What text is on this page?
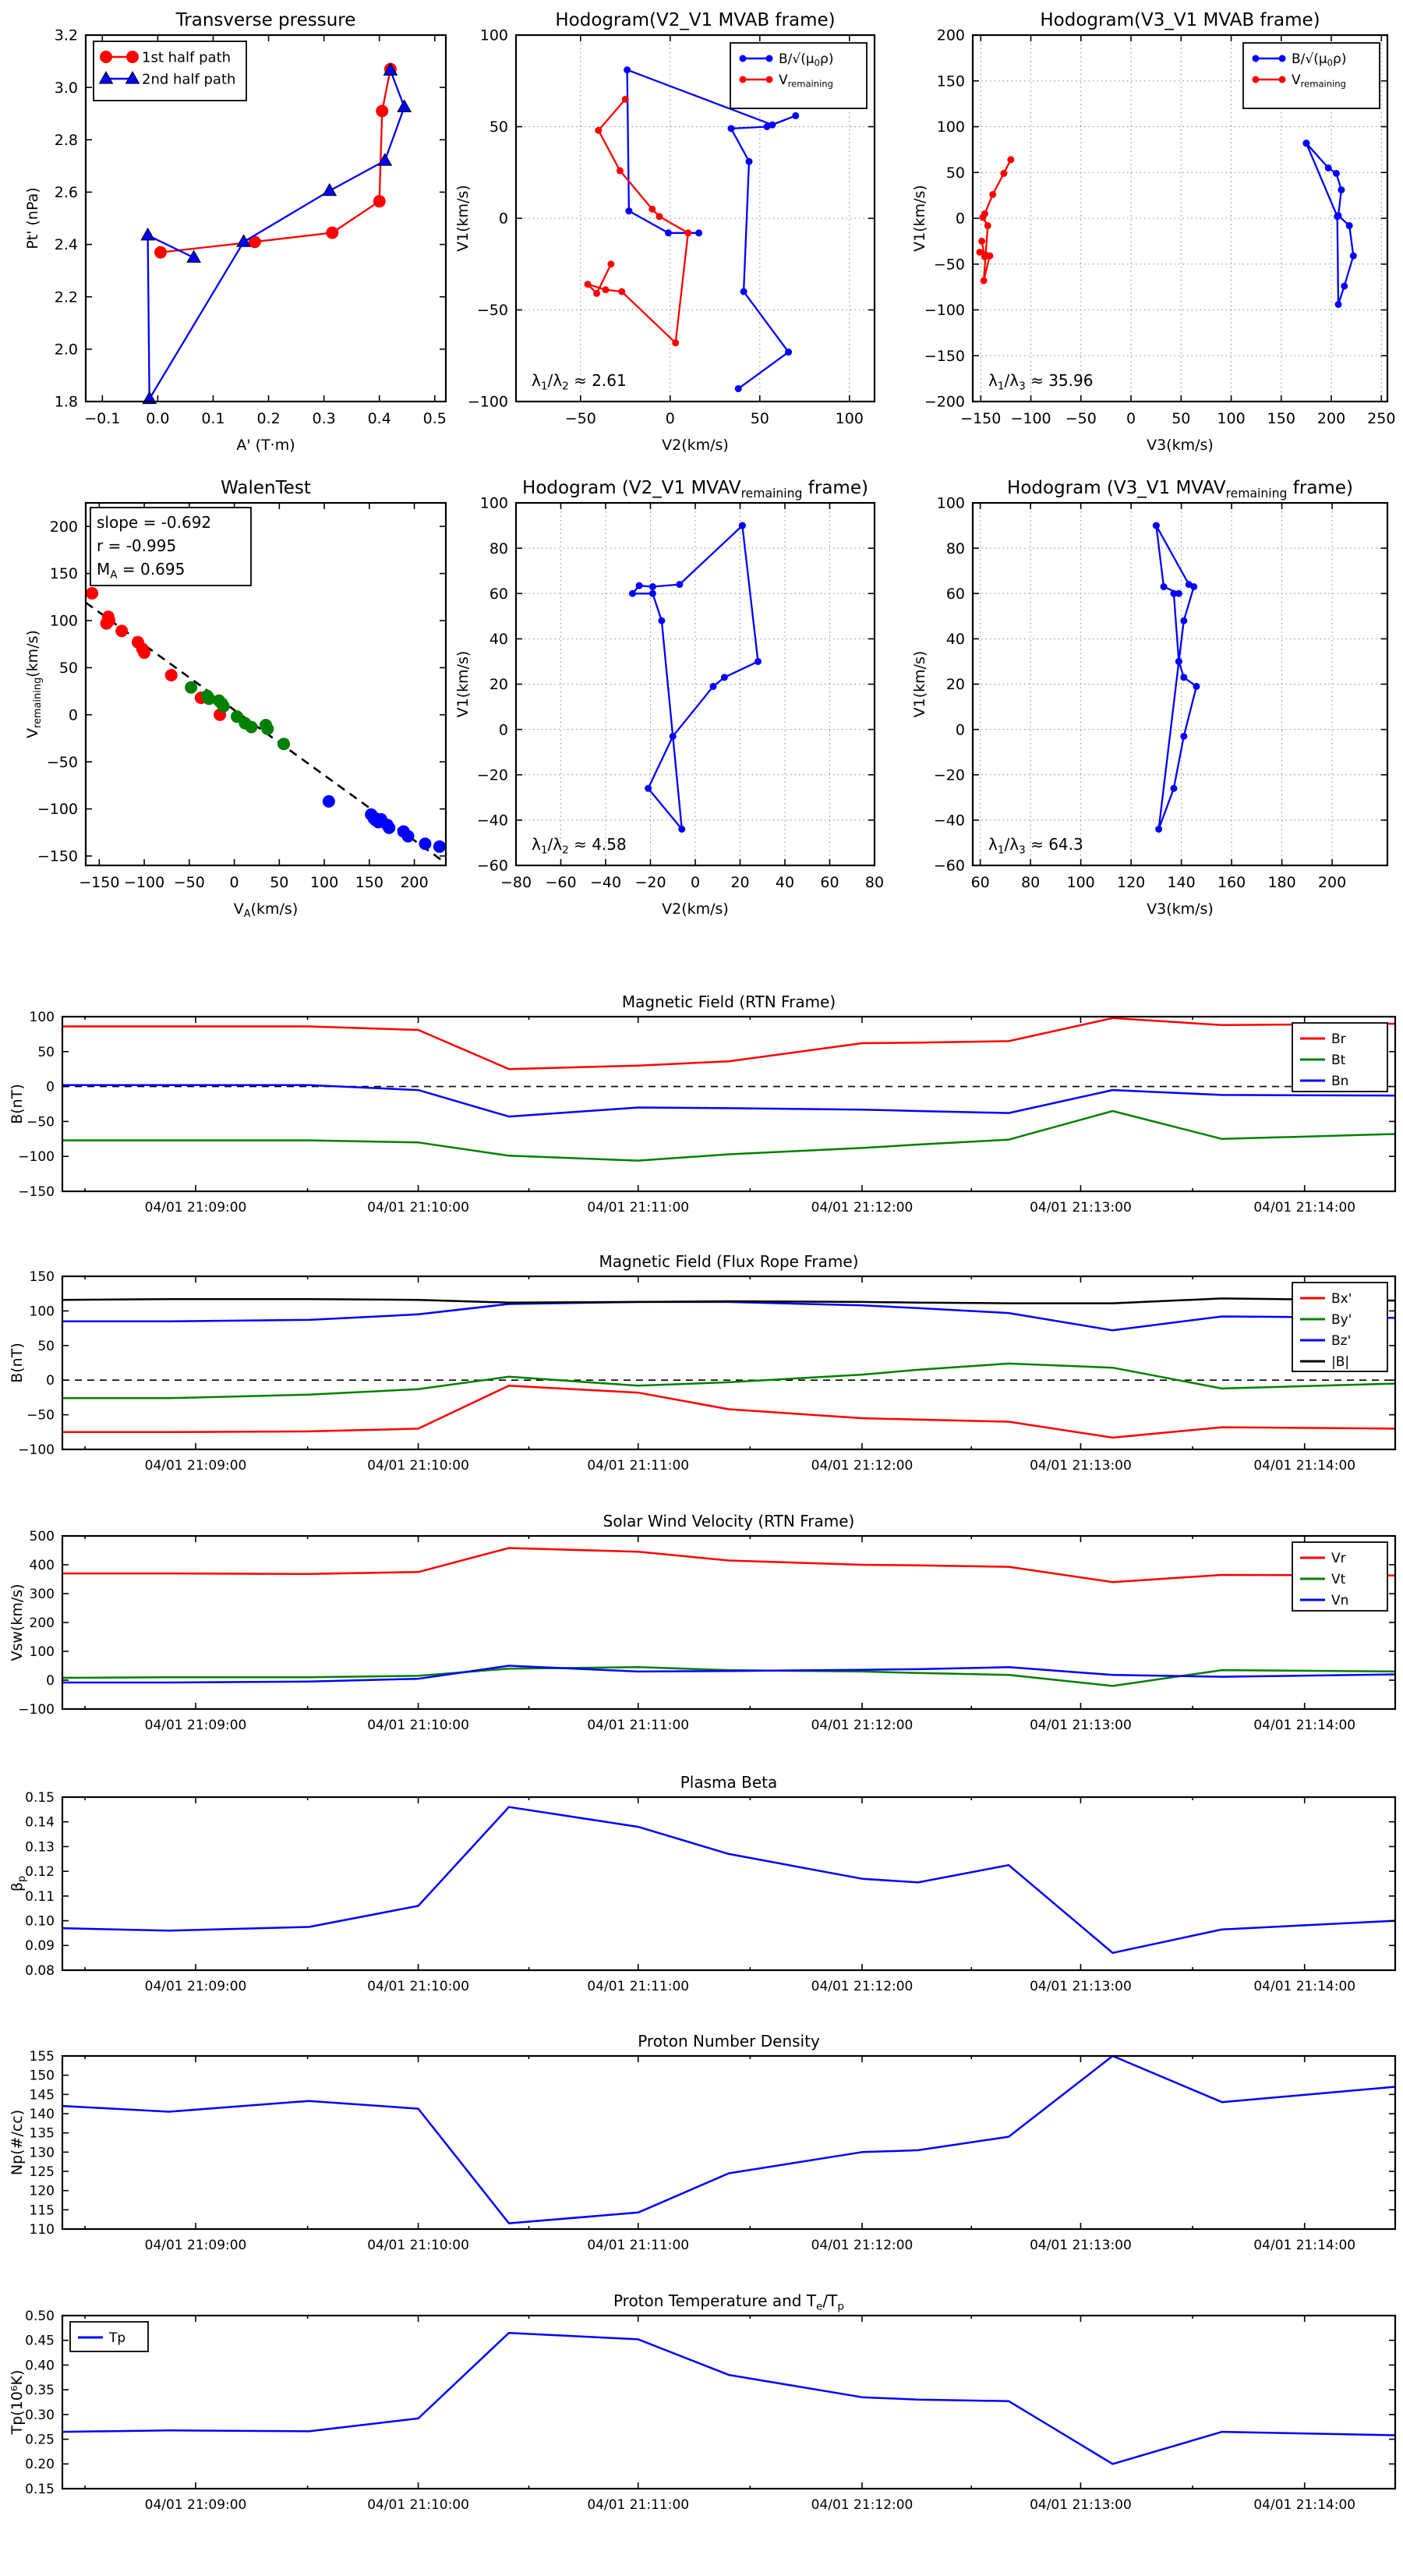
−0.1 0.0 0.1 0.2 0.3 0.4 0.5
1.8
2.0
2.2
2.4
2.6
2.8
3.0
3.2
Transverse pressure
A' (T·m)
Pt' (nPa)
1st half path
2nd half path
−50	0	50	100
−100
−50
0
50
100
Hodogram(V2_V1 MVAB frame)
V2(km/s)
V1(km/s)
$\lambda_1/\lambda_2 \approx 2.61$
$B/√(\mu_0\rho)$
$V_{remaining}$
−150 −100 −50 0 50 100 150 200 250
−200
−150
−100
−50
0
50
100
150
200
Hodogram(V3_V1 MVAB frame)
V3(km/s)
V1(km/s)
$\lambda_1/\lambda_3 \approx 35.96$
$B/√(\mu_0\rho)$
$V_{remaining}$
−150 −100 −50 0 50 100 150 200
−150
−100
−50
0
50
100
150
200
WalenTest
$V_A(km/s)$
$V_{remaining}(km/s)$
slope = -0.692
r = -0.995
$M_A = 0.695$
−80 −60 −40 −20 0 20 40 60 80
−60
−40
−20
0
20
40
60
80
100
Hodogram (V2_V1 $MVAV_{remaining}$ frame)
V2(km/s)
V1(km/s)
$\lambda_1/\lambda_2 \approx 4.58$
60 80 100 120 140 160 180 200
−60
−40
−20
0
20
40
60
80
100
Hodogram (V3_V1 $MVAV_{remaining}$ frame)
V3(km/s)
V1(km/s)
$\lambda_1/\lambda_3 \approx 64.3$
04/01 21:09:00	04/01 21:10:00	04/01 21:11:00	04/01 21:12:00	04/01 21:13:00	04/01 21:14:00
100
50
0
−50
−100
−150
Magnetic Field (RTN Frame)
B(nT)
Br
Bt
Bn
04/01 21:09:00	04/01 21:10:00	04/01 21:11:00	04/01 21:12:00	04/01 21:13:00	04/01 21:14:00
150
100
50
0
−50
−100
Magnetic Field (Flux Rope Frame)
B(nT)
Bx'
By'
Bz'
|B|
04/01 21:09:00	04/01 21:10:00	04/01 21:11:00	04/01 21:12:00	04/01 21:13:00	04/01 21:14:00
500
400
300
200
100
0
−100
Solar Wind Velocity (RTN Frame)
Vsw(km/s)
Vr
Vt
Vn
04/01 21:09:00	04/01 21:10:00	04/01 21:11:00	04/01 21:12:00	04/01 21:13:00	04/01 21:14:00
0.15
0.14
0.13
0.12
0.11
0.10
0.09
0.08
Plasma Beta
$\beta_p$
04/01 21:09:00	04/01 21:10:00	04/01 21:11:00	04/01 21:12:00	04/01 21:13:00	04/01 21:14:00
155
150
145
140
135
130
125
120
115
110
Proton Number Density
Np(#/cc)
04/01 21:09:00	04/01 21:10:00	04/01 21:11:00	04/01 21:12:00	04/01 21:13:00	04/01 21:14:00
0.50
0.45
0.40
0.35
0.30
0.25
0.20
0.15
Proton Temperature and $T_e/T_p$
Tp(10⁶K)
Tp
